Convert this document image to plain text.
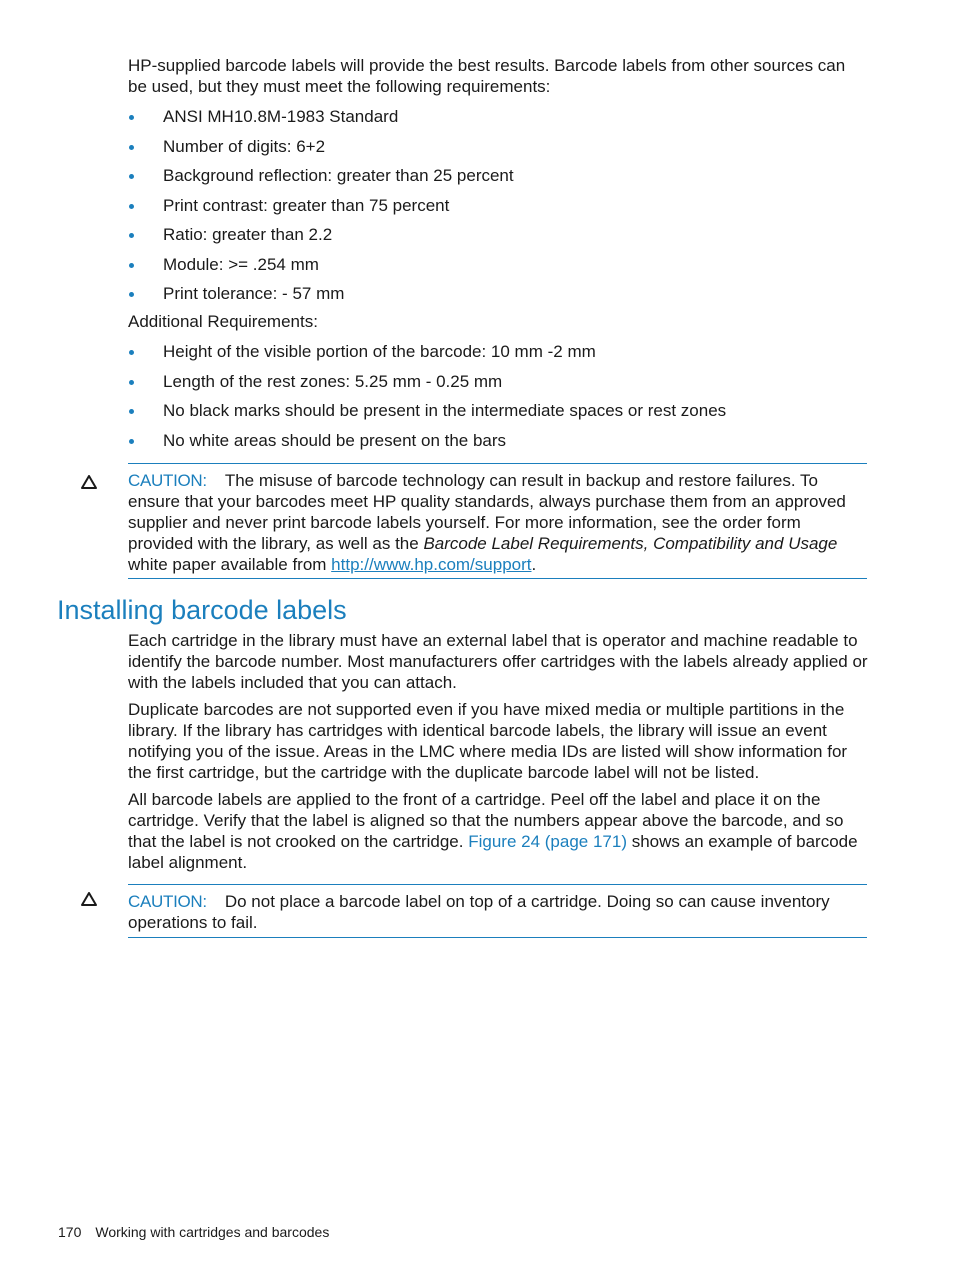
HP-supplied barcode labels will provide the best results. Barcode labels from other sources can be used, but they must meet the following requirements:

ANSI MH10.8M-1983 Standard
Number of digits: 6+2
Background reflection: greater than 25 percent
Print contrast: greater than 75 percent
Ratio: greater than 2.2
Module: >= .254 mm
Print tolerance: - 57 mm

Additional Requirements:

Height of the visible portion of the barcode: 10 mm -2 mm
Length of the rest zones: 5.25 mm - 0.25 mm
No black marks should be present in the intermediate spaces or rest zones
No white areas should be present on the bars

CAUTION: The misuse of barcode technology can result in backup and restore failures. To ensure that your barcodes meet HP quality standards, always purchase them from an approved supplier and never print barcode labels yourself. For more information, see the order form provided with the library, as well as the Barcode Label Requirements, Compatibility and Usage white paper available from http://www.hp.com/support.

Installing barcode labels

Each cartridge in the library must have an external label that is operator and machine readable to identify the barcode number. Most manufacturers offer cartridges with the labels already applied or with the labels included that you can attach.

Duplicate barcodes are not supported even if you have mixed media or multiple partitions in the library. If the library has cartridges with identical barcode labels, the library will issue an event notifying you of the issue. Areas in the LMC where media IDs are listed will show information for the first cartridge, but the cartridge with the duplicate barcode label will not be listed.

All barcode labels are applied to the front of a cartridge. Peel off the label and place it on the cartridge. Verify that the label is aligned so that the numbers appear above the barcode, and so that the label is not crooked on the cartridge. Figure 24 (page 171) shows an example of barcode label alignment.

CAUTION: Do not place a barcode label on top of a cartridge. Doing so can cause inventory operations to fail.

170 Working with cartridges and barcodes
